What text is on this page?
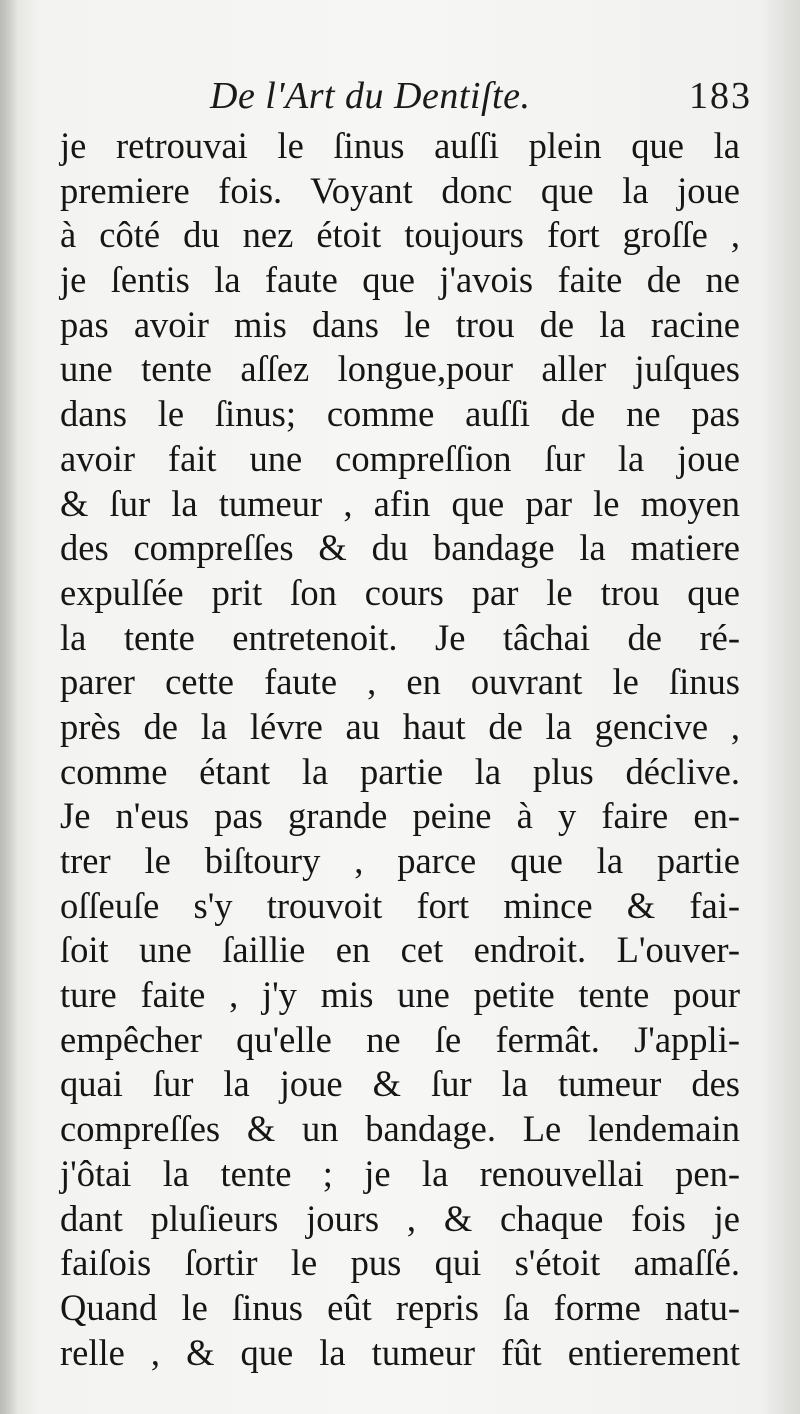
De l'Art du Dentiſte.	183
je retrouvai le ſinus auſſi plein que la
premiere fois. Voyant donc que la joue
à côté du nez étoit toujours fort groſſe ,
je ſentis la faute que j'avois faite de ne
pas avoir mis dans le trou de la racine
une tente aſſez longue,pour aller juſques
dans le ſinus; comme auſſi de ne pas
avoir fait une compreſſion ſur la joue
& ſur la tumeur , afin que par le moyen
des compreſſes & du bandage la matiere
expulſée prit ſon cours par le trou que
la tente entretenoit. Je tâchai de ré-
parer cette faute , en ouvrant le ſinus
près de la lévre au haut de la gencive ,
comme étant la partie la plus déclive.
Je n'eus pas grande peine à y faire en-
trer le biſtoury , parce que la partie
oſſeuſe s'y trouvoit fort mince & fai-
ſoit une ſaillie en cet endroit. L'ouver-
ture faite , j'y mis une petite tente pour
empêcher qu'elle ne ſe fermât. J'appli-
quai ſur la joue & ſur la tumeur des
compreſſes & un bandage. Le lendemain
j'ôtai la tente ; je la renouvellai pen-
dant pluſieurs jours , & chaque fois je
faiſois ſortir le pus qui s'étoit amaſſé.
Quand le ſinus eût repris ſa forme natu-
relle , & que la tumeur fût entierement
